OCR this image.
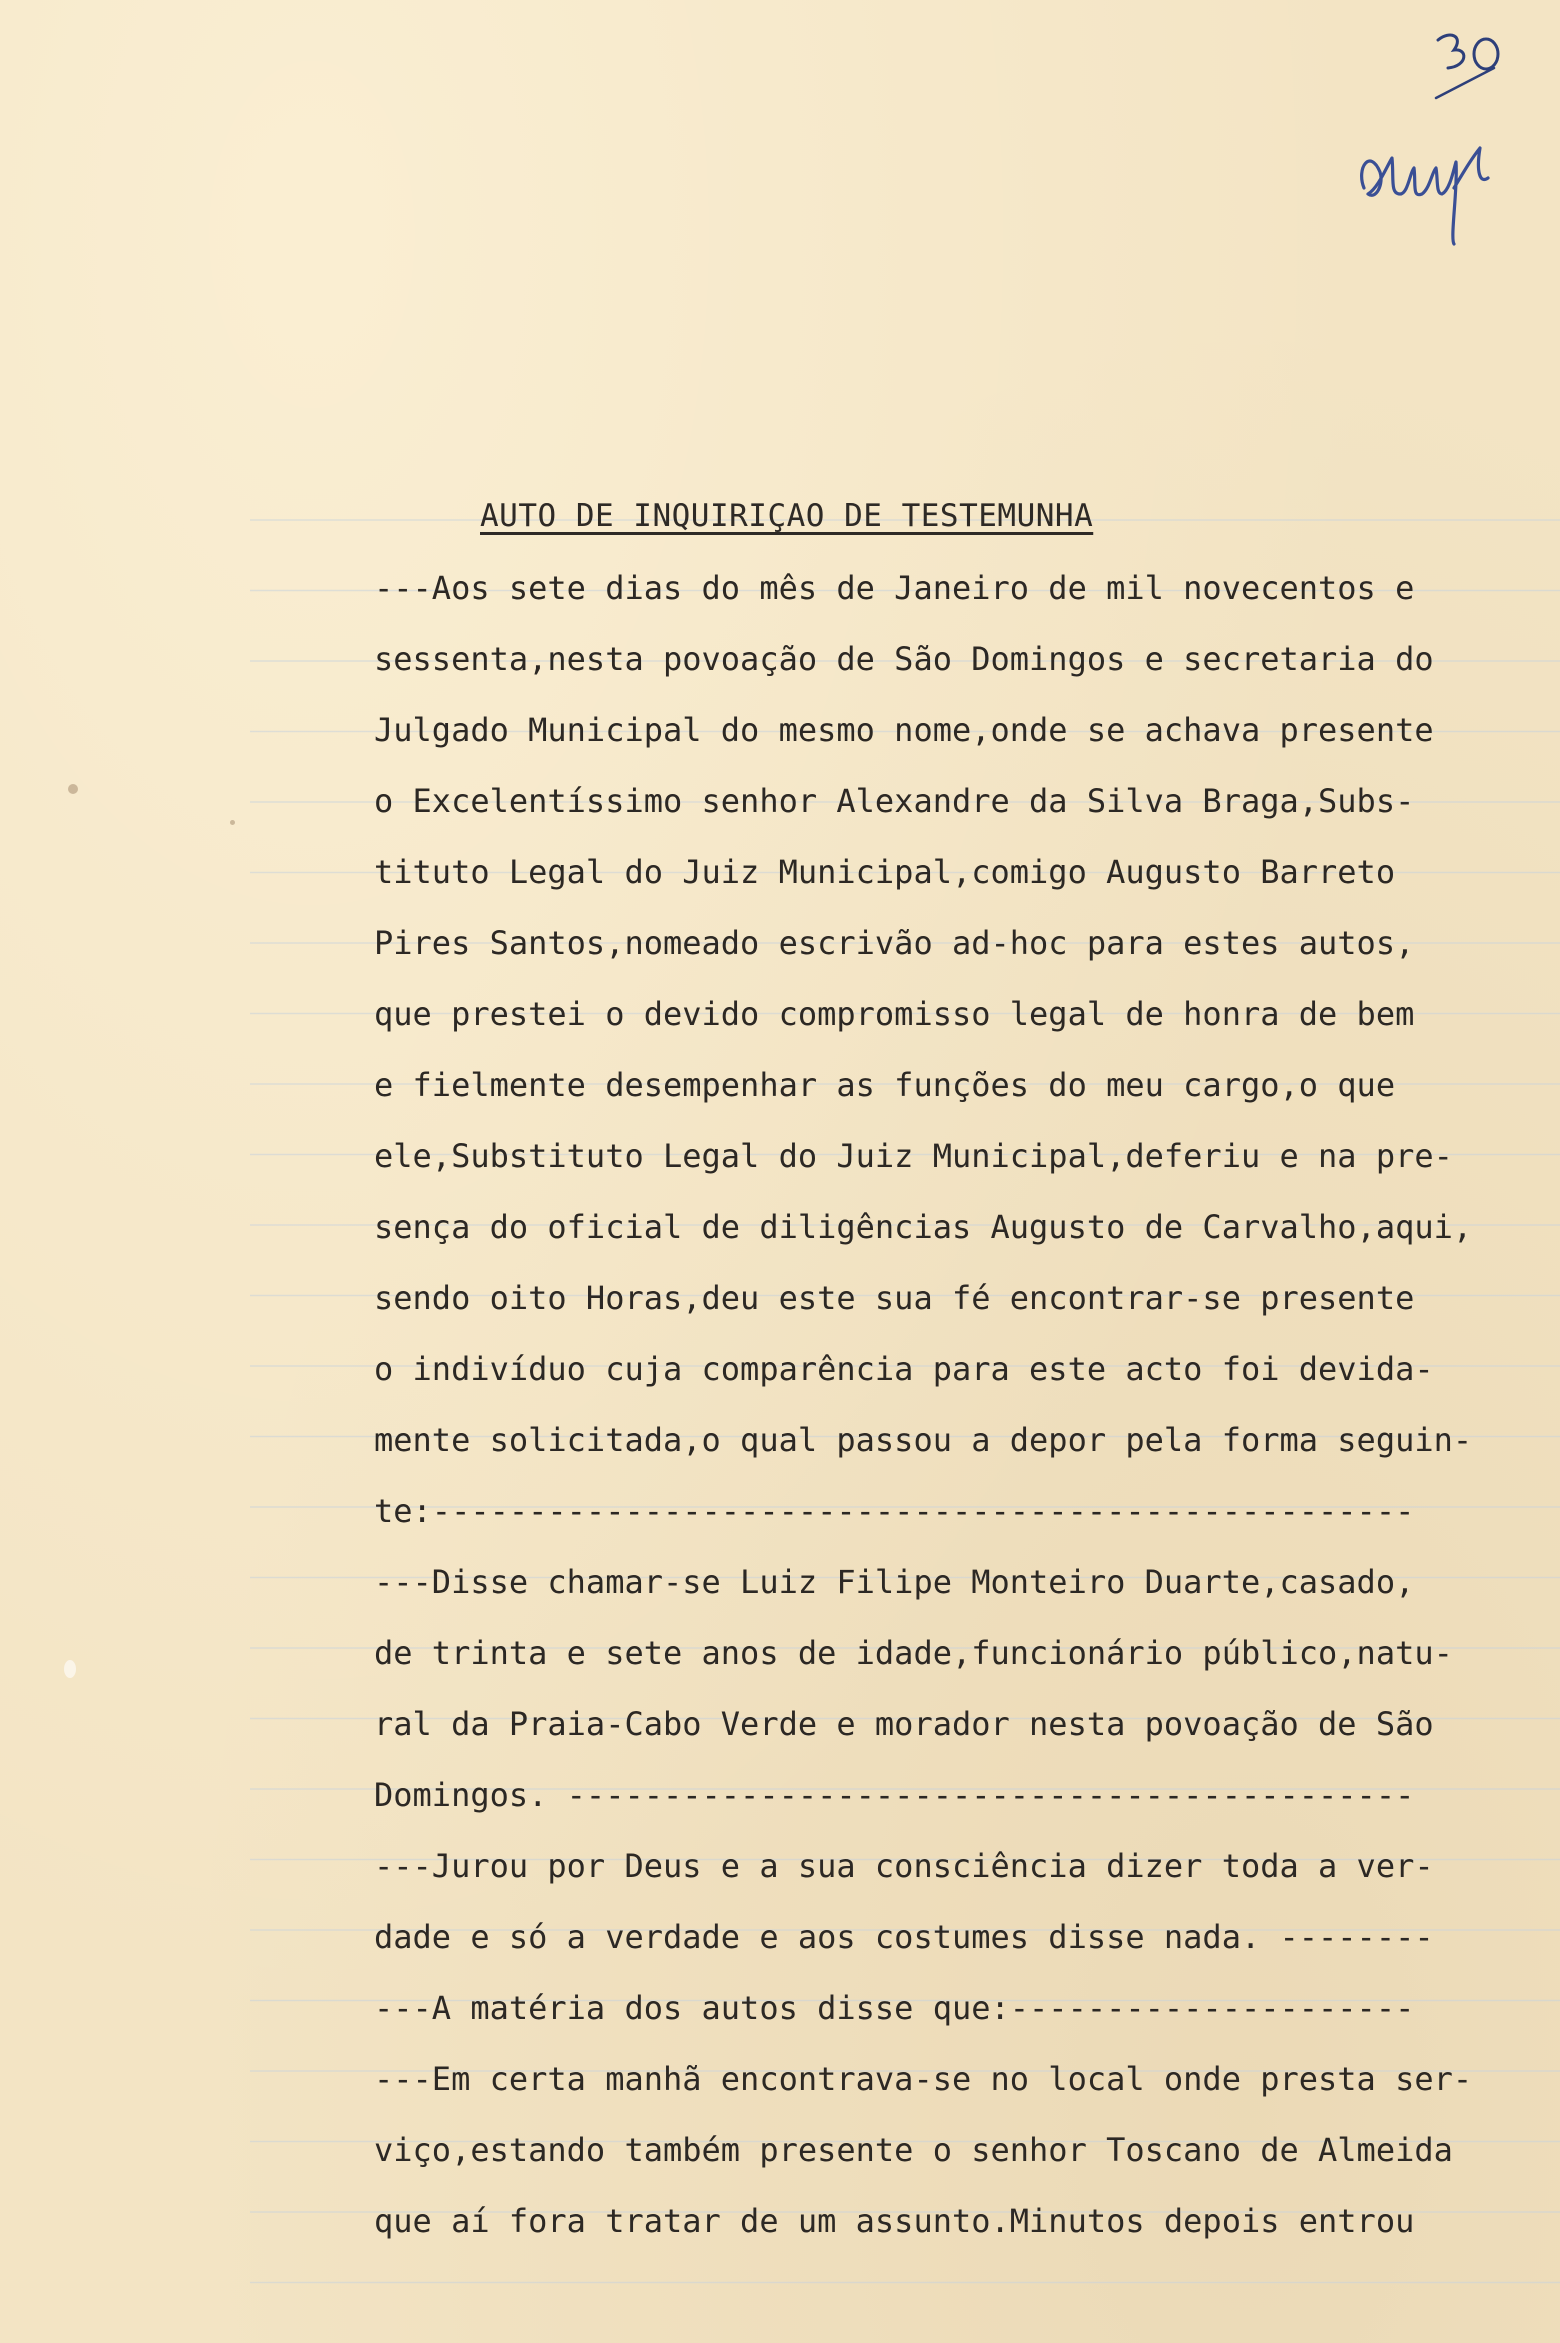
AUTO DE INQUIRIÇAO DE TESTEMUNHA
---Aos sete dias do mês de Janeiro de mil novecentos e
sessenta,nesta povoação de São Domingos e secretaria do
Julgado Municipal do mesmo nome,onde se achava presente
o Excelentíssimo senhor Alexandre da Silva Braga,Subs-
tituto Legal do Juiz Municipal,comigo Augusto Barreto
Pires Santos,nomeado escrivão ad-hoc para estes autos,
que prestei o devido compromisso legal de honra de bem
e fielmente desempenhar as funções do meu cargo,o que
ele,Substituto Legal do Juiz Municipal,deferiu e na pre-
sença do oficial de diligências Augusto de Carvalho,aqui,
sendo oito Horas,deu este sua fé encontrar-se presente
o indivíduo cuja comparência para este acto foi devida-
mente solicitada,o qual passou a depor pela forma seguin-
te:---------------------------------------------------
---Disse chamar-se Luiz Filipe Monteiro Duarte,casado,
de trinta e sete anos de idade,funcionário público,natu-
ral da Praia-Cabo Verde e morador nesta povoação de São
Domingos. --------------------------------------------
---Jurou por Deus e a sua consciência dizer toda a ver-
dade e só a verdade e aos costumes disse nada. --------
---A matéria dos autos disse que:---------------------
---Em certa manhã encontrava-se no local onde presta ser-
viço,estando também presente o senhor Toscano de Almeida
que aí fora tratar de um assunto.Minutos depois entrou
